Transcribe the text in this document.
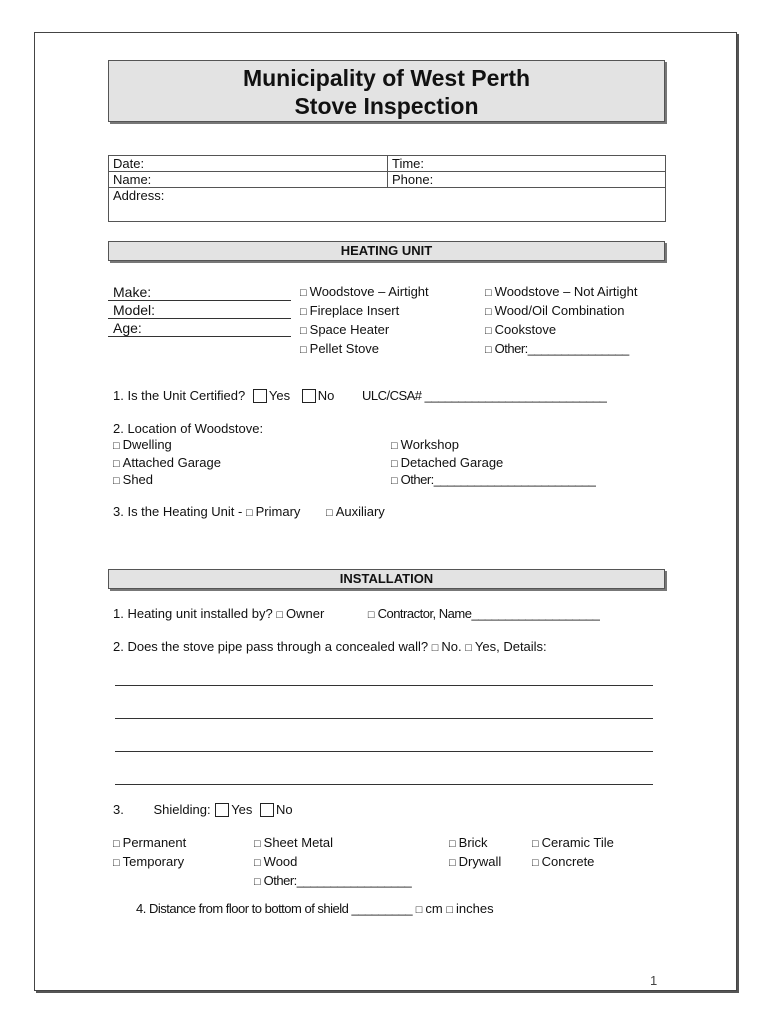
Municipality of West Perth
Stove Inspection
Date:	Time:
Name:	Phone:
Address:	
HEATING UNIT
Make:
Model:
Age:
□ Woodstove – Airtight
□ Fireplace Insert
□ Space Heater
□ Pellet Stove
□ Woodstove – Not Airtight
□ Wood/Oil Combination
□ Cookstove
□ Other:_______________
1. Is the Unit Certified? Yes No ULC/CSA# ___________________________
2. Location of Woodstove:
□ Dwelling
□ Attached Garage
□ Shed
□ Workshop
□ Detached Garage
□ Other:________________________
3. Is the Heating Unit - □ Primary □ Auxiliary
INSTALLATION
1. Heating unit installed by? □ Owner	□ Contractor, Name___________________
2. Does the stove pipe pass through a concealed wall? □ No. □ Yes, Details:
3. Shielding: Yes No
□ Permanent
□ Temporary
□ Sheet Metal
□ Wood
□ Other:_________________
□ Brick
□ Drywall
□ Ceramic Tile
□ Concrete
4. Distance from floor to bottom of shield _________ □ cm □ inches
1
